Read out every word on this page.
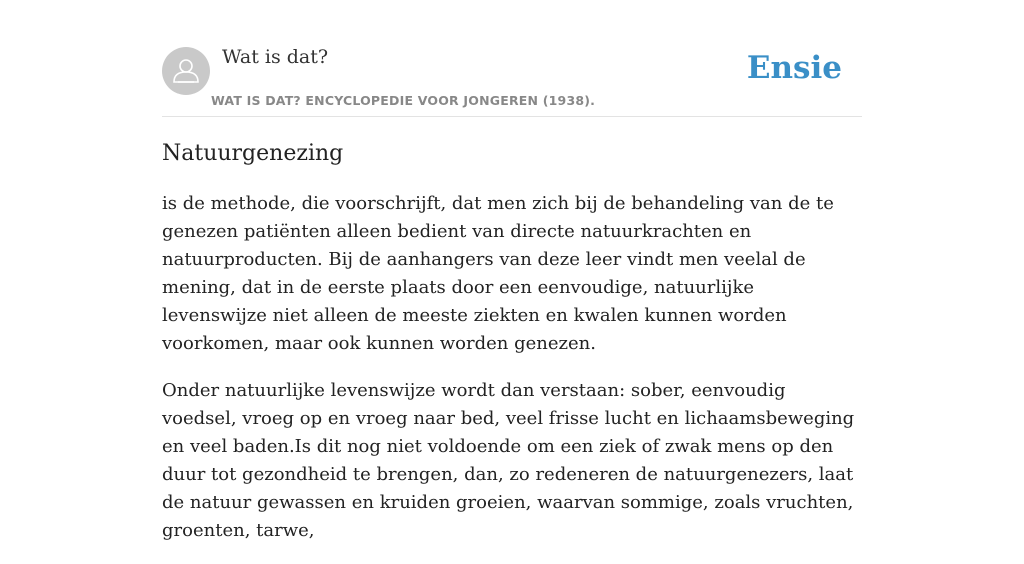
Wat is dat?
WAT IS DAT? ENCYCLOPEDIE VOOR JONGEREN (1938).
Ensie
Natuurgenezing

is de methode, die voorschrijft, dat men zich bij de behandeling van de te genezen patiënten alleen bedient van directe natuurkrachten en natuurproducten. Bij de aanhangers van deze leer vindt men veelal de mening, dat in de eerste plaats door een eenvoudige, natuurlijke levenswijze niet alleen de meeste ziekten en kwalen kunnen worden voorkomen, maar ook kunnen worden genezen.

Onder natuurlijke levenswijze wordt dan verstaan: sober, eenvoudig voedsel, vroeg op en vroeg naar bed, veel frisse lucht en lichaamsbeweging en veel baden.Is dit nog niet voldoende om een ziek of zwak mens op den duur tot gezondheid te brengen, dan, zo redeneren de natuurgenezers, laat de natuur gewassen en kruiden groeien, waarvan sommige, zoals vruchten, groenten, tarwe,
